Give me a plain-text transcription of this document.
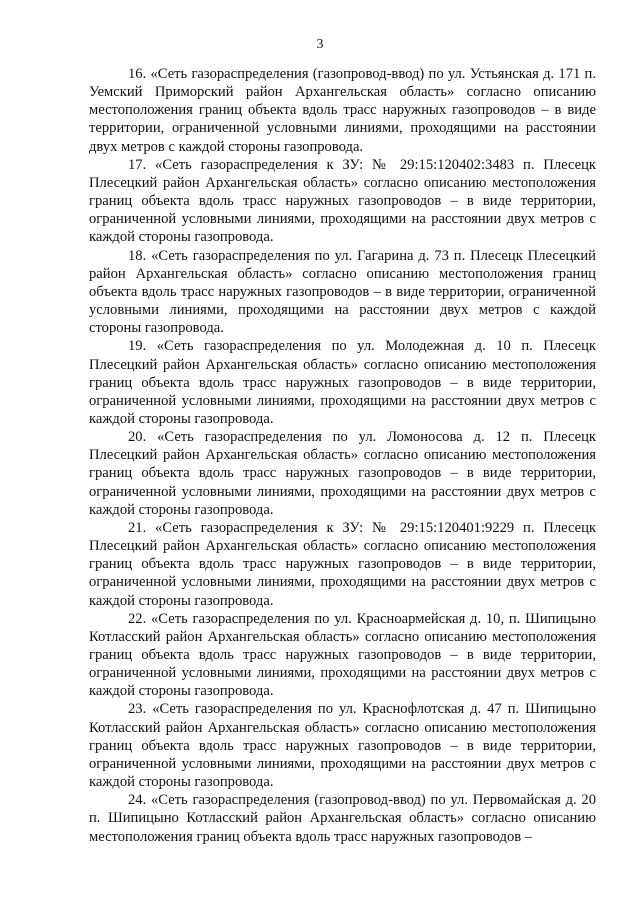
3

16. «Сеть газораспределения (газопровод-ввод) по ул. Устьянская д. 171 п. Уемский Приморский район Архангельская область» согласно описанию местоположения границ объекта вдоль трасс наружных газопроводов – в виде территории, ограниченной условными линиями, проходящими на расстоянии двух метров с каждой стороны газопровода.

17. «Сеть газораспределения к ЗУ: № 29:15:120402:3483 п. Плесецк Плесецкий район Архангельская область» согласно описанию местоположения границ объекта вдоль трасс наружных газопроводов – в виде территории, ограниченной условными линиями, проходящими на расстоянии двух метров с каждой стороны газопровода.

18. «Сеть газораспределения по ул. Гагарина д. 73 п. Плесецк Плесецкий район Архангельская область» согласно описанию местоположения границ объекта вдоль трасс наружных газопроводов – в виде территории, ограниченной условными линиями, проходящими на расстоянии двух метров с каждой стороны газопровода.

19. «Сеть газораспределения по ул. Молодежная д. 10 п. Плесецк Плесецкий район Архангельская область» согласно описанию местоположения границ объекта вдоль трасс наружных газопроводов – в виде территории, ограниченной условными линиями, проходящими на расстоянии двух метров с каждой стороны газопровода.

20. «Сеть газораспределения по ул. Ломоносова д. 12 п. Плесецк Плесецкий район Архангельская область» согласно описанию местоположения границ объекта вдоль трасс наружных газопроводов – в виде территории, ограниченной условными линиями, проходящими на расстоянии двух метров с каждой стороны газопровода.

21. «Сеть газораспределения к ЗУ: № 29:15:120401:9229 п. Плесецк Плесецкий район Архангельская область» согласно описанию местоположения границ объекта вдоль трасс наружных газопроводов – в виде территории, ограниченной условными линиями, проходящими на расстоянии двух метров с каждой стороны газопровода.

22. «Сеть газораспределения по ул. Красноармейская д. 10, п. Шипицыно Котласский район Архангельская область» согласно описанию местоположения границ объекта вдоль трасс наружных газопроводов – в виде территории, ограниченной условными линиями, проходящими на расстоянии двух метров с каждой стороны газопровода.

23. «Сеть газораспределения по ул. Краснофлотская д. 47 п. Шипицыно Котласский район Архангельская область» согласно описанию местоположения границ объекта вдоль трасс наружных газопроводов – в виде территории, ограниченной условными линиями, проходящими на расстоянии двух метров с каждой стороны газопровода.

24. «Сеть газораспределения (газопровод-ввод) по ул. Первомайская д. 20 п. Шипицыно Котласский район Архангельская область» согласно описанию местоположения границ объекта вдоль трасс наружных газопроводов –
